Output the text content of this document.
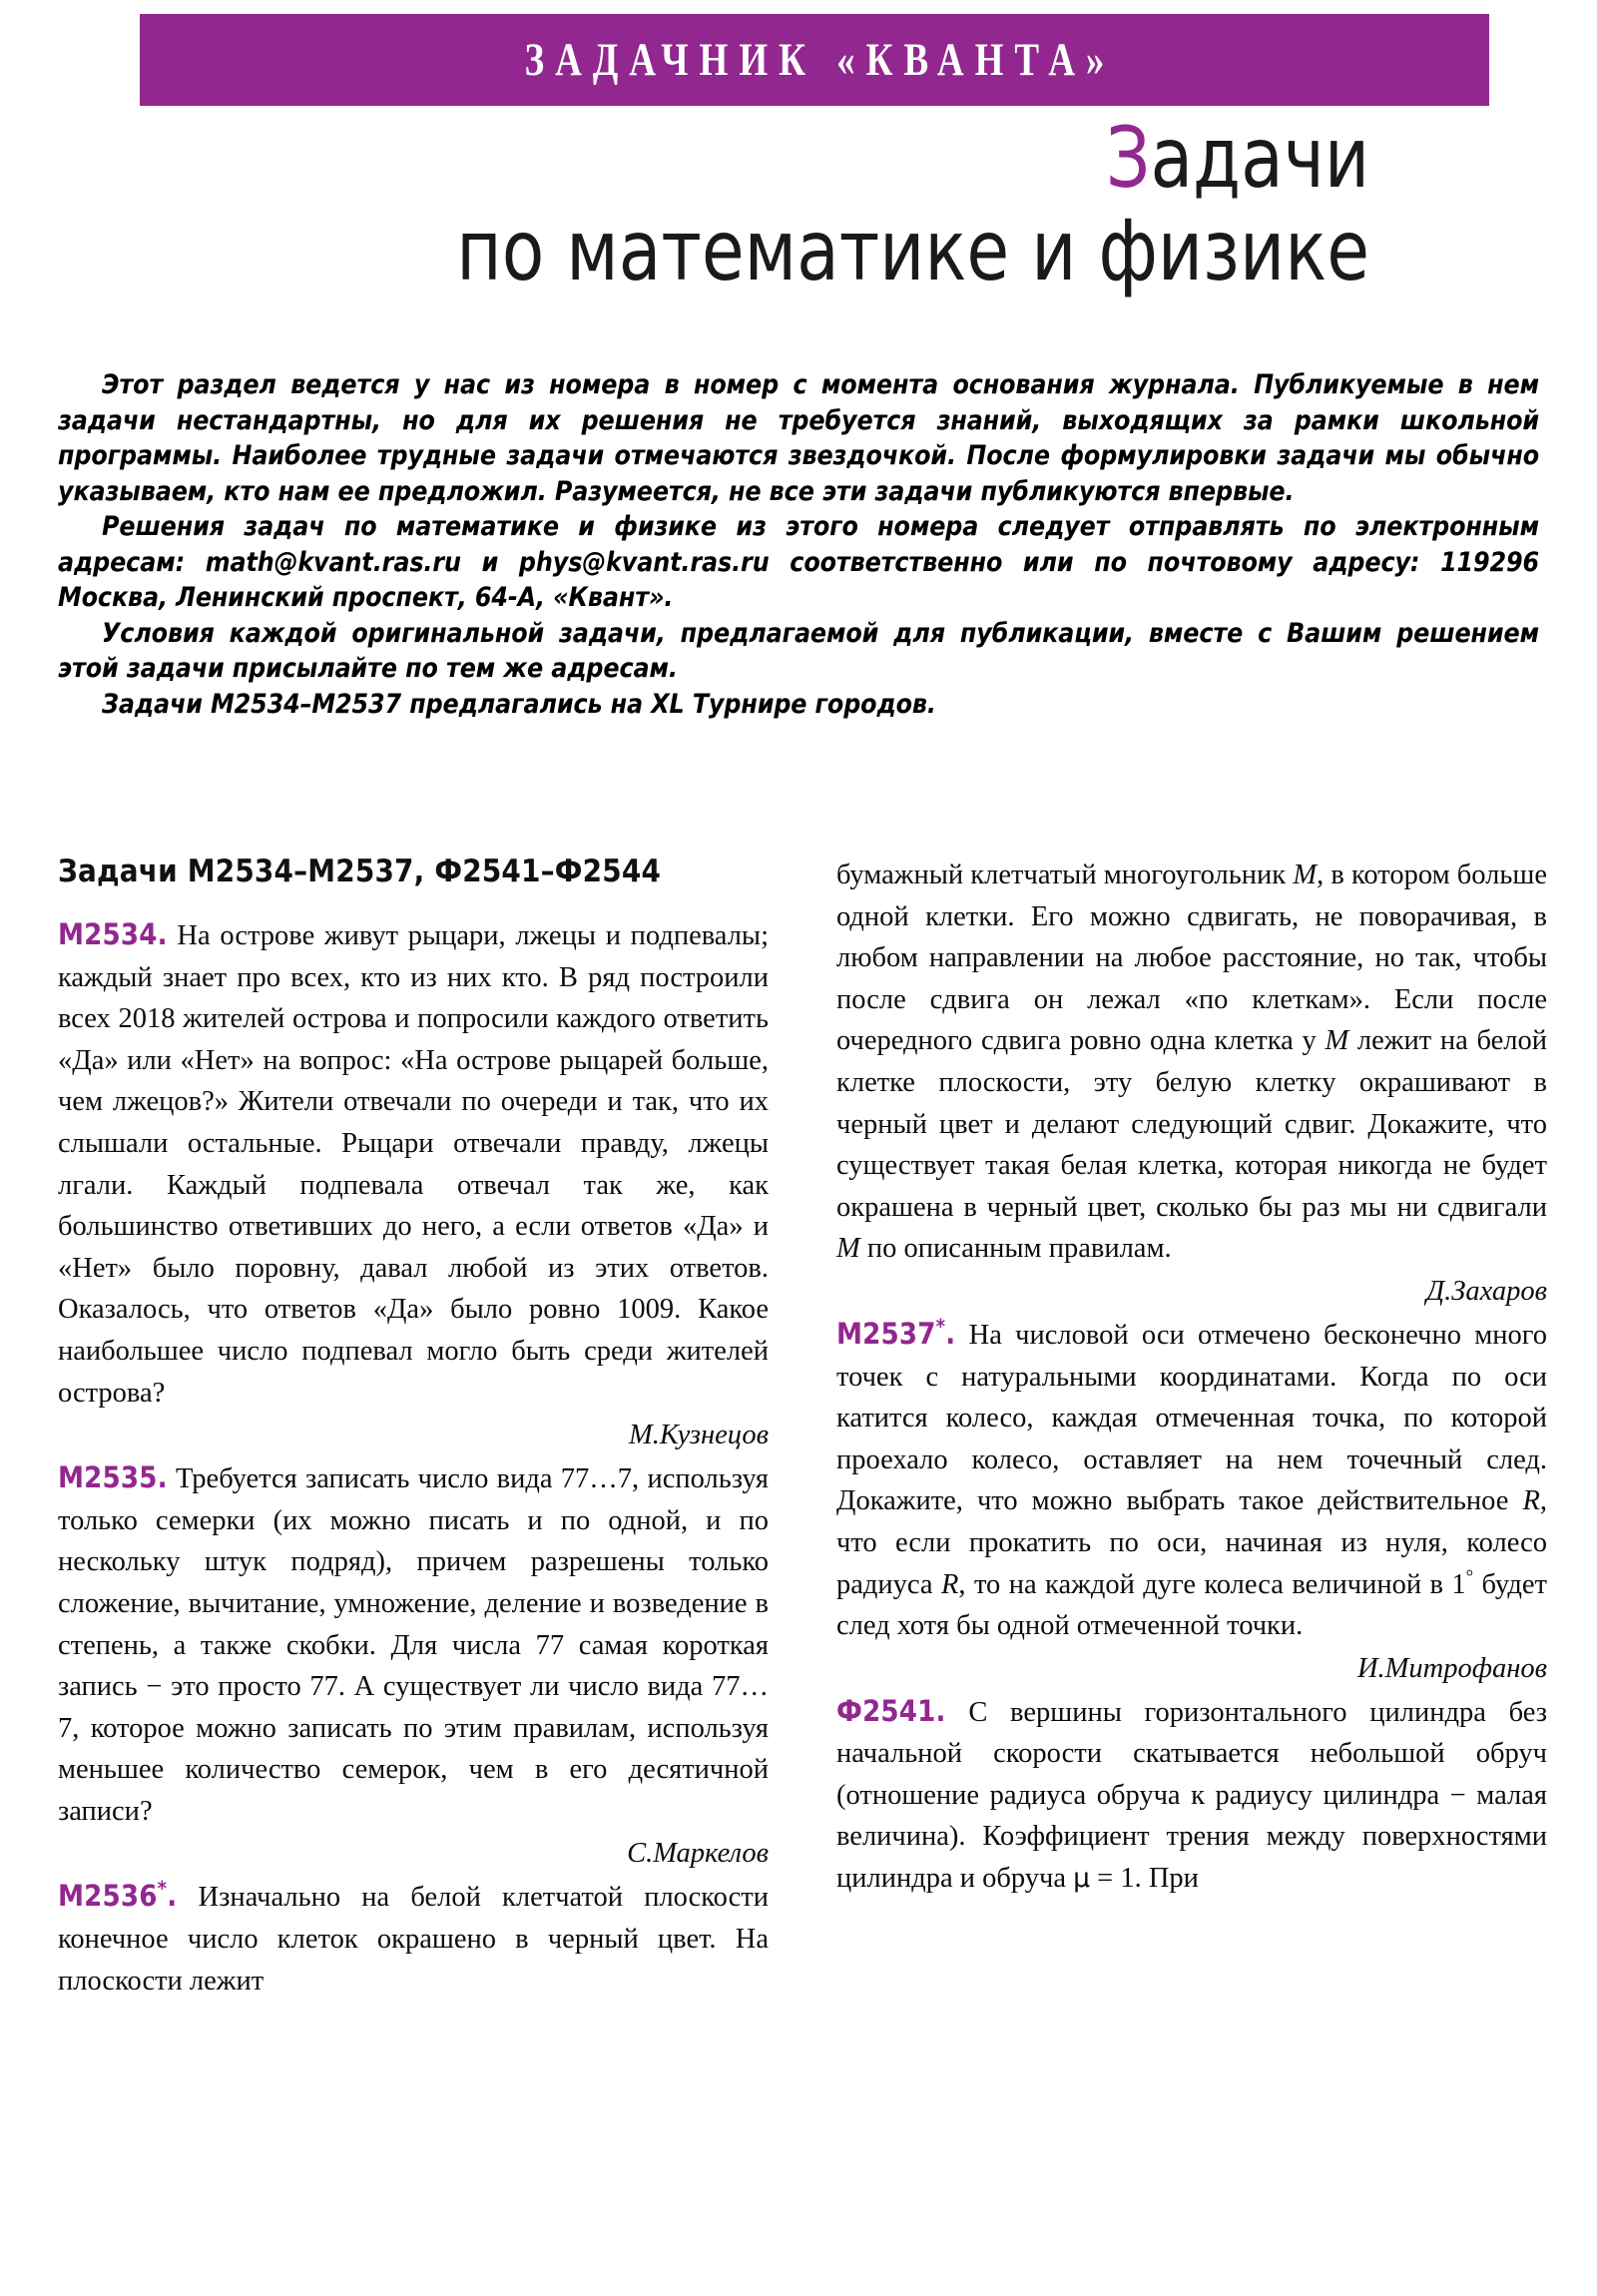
ЗАДАЧНИК «КВАНТА»
Задачи
по математике и физике

Этот раздел ведется у нас из номера в номер с момента основания журнала. Публикуемые в нем задачи нестандартны, но для их решения не требуется знаний, выходящих за рамки школьной программы. Наиболее трудные задачи отмечаются звездочкой. После формулировки задачи мы обычно указываем, кто нам ее предложил. Разумеется, не все эти задачи публикуются впервые.

Решения задач по математике и физике из этого номера следует отправлять по электронным адресам: math@kvant.ras.ru и phys@kvant.ras.ru соответственно или по почтовому адресу: 119296 Москва, Ленинский проспект, 64-А, «Квант».

Условия каждой оригинальной задачи, предлагаемой для публикации, вместе с Вашим решением этой задачи присылайте по тем же адресам.

Задачи М2534–М2537 предлагались на XL Турнире городов.

Задачи М2534–М2537, Ф2541–Ф2544

М2534. На острове живут рыцари, лжецы и подпевалы; каждый знает про всех, кто из них кто. В ряд построили всех 2018 жителей острова и попросили каждого ответить «Да» или «Нет» на вопрос: «На острове рыцарей больше, чем лжецов?» Жители отвечали по очереди и так, что их слышали остальные. Рыцари отвечали правду, лжецы лгали. Каждый подпевала отвечал так же, как большинство ответивших до него, а если ответов «Да» и «Нет» было поровну, давал любой из этих ответов. Оказалось, что ответов «Да» было ровно 1009. Какое наибольшее число подпевал могло быть среди жителей острова?

М.Кузнецов

М2535. Требуется записать число вида 77…7, используя только семерки (их можно писать и по одной, и по нескольку штук подряд), причем разрешены только сложение, вычитание, умножение, деление и возведение в степень, а также скобки. Для числа 77 самая короткая запись − это просто 77. А существует ли число вида 77…7, которое можно записать по этим правилам, используя меньшее количество семерок, чем в его десятичной записи?

С.Маркелов

М2536*. Изначально на белой клетчатой плоскости конечное число клеток окрашено в черный цвет. На плоскости лежит

бумажный клетчатый многоугольник M, в котором больше одной клетки. Его можно сдвигать, не поворачивая, в любом направлении на любое расстояние, но так, чтобы после сдвига он лежал «по клеткам». Если после очередного сдвига ровно одна клетка у M лежит на белой клетке плоскости, эту белую клетку окрашивают в черный цвет и делают следующий сдвиг. Докажите, что существует такая белая клетка, которая никогда не будет окрашена в черный цвет, сколько бы раз мы ни сдвигали M по описанным правилам.

Д.Захаров

М2537*. На числовой оси отмечено бесконечно много точек с натуральными координатами. Когда по оси катится колесо, каждая отмеченная точка, по которой проехало колесо, оставляет на нем точечный след. Докажите, что можно выбрать такое действительное R, что если прокатить по оси, начиная из нуля, колесо радиуса R, то на каждой дуге колеса величиной в 1° будет след хотя бы одной отмеченной точки.

И.Митрофанов

Ф2541. С вершины горизонтального цилиндра без начальной скорости скатывается небольшой обруч (отношение радиуса обруча к радиусу цилиндра − малая величина). Коэффициент трения между поверхностями цилиндра и обруча μ = 1. При
